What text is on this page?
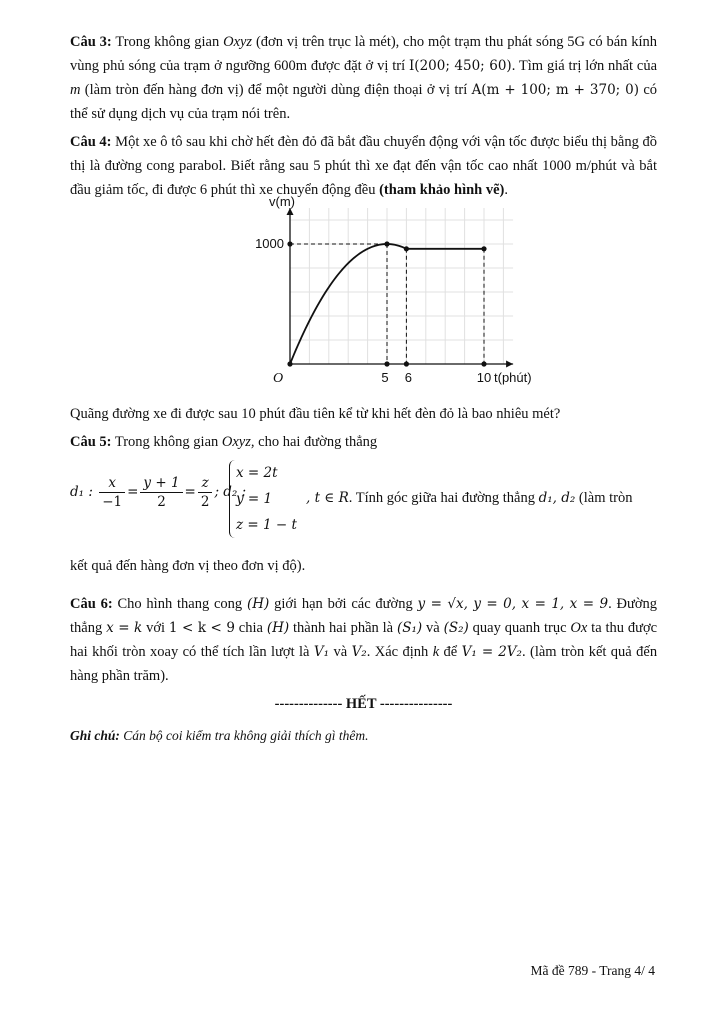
Câu 3: Trong không gian Oxyz (đơn vị trên trục là mét), cho một trạm thu phát sóng 5G có bán kính vùng phủ sóng của trạm ở ngưỡng 600m được đặt ở vị trí I(200; 450; 60). Tìm giá trị lớn nhất của m (làm tròn đến hàng đơn vị) để một người dùng điện thoại ở vị trí A(m + 100; m + 370; 0) có thể sử dụng dịch vụ của trạm nói trên.

Câu 4: Một xe ô tô sau khi chờ hết đèn đỏ đã bắt đầu chuyển động với vận tốc được biểu thị bằng đồ thị là đường cong parabol. Biết rằng sau 5 phút thì xe đạt đến vận tốc cao nhất 1000 m/phút và bắt đầu giảm tốc, đi được 6 phút thì xe chuyển động đều (tham khảo hình vẽ).

v(m)
1000
O	5 6	10 t(phút)

Quãng đường xe đi được sau 10 phút đầu tiên kể từ khi hết đèn đỏ là bao nhiêu mét?

Câu 5: Trong không gian Oxyz, cho hai đường thẳng

d₁ : $\frac{x}{-1} = \frac{y + 1}{2} = \frac{z}{2}$ ; d₂ :
x = 2t
y = 1
z = 1 − t
, t ∈ R. Tính góc giữa hai đường thẳng d₁, d₂ (làm tròn

kết quả đến hàng đơn vị theo đơn vị độ).

Câu 6: Cho hình thang cong (H) giới hạn bởi các đường y = √x, y = 0, x = 1, x = 9. Đường thẳng x = k với 1 < k < 9 chia (H) thành hai phần là (S₁) và (S₂) quay quanh trục Ox ta thu được hai khối tròn xoay có thể tích lần lượt là V₁ và V₂. Xác định k để V₁ = 2V₂. (làm tròn kết quả đến hàng phần trăm).

-------------- HẾT ---------------

Ghi chú: Cán bộ coi kiểm tra không giải thích gì thêm.

Mã đề 789 - Trang 4/ 4
